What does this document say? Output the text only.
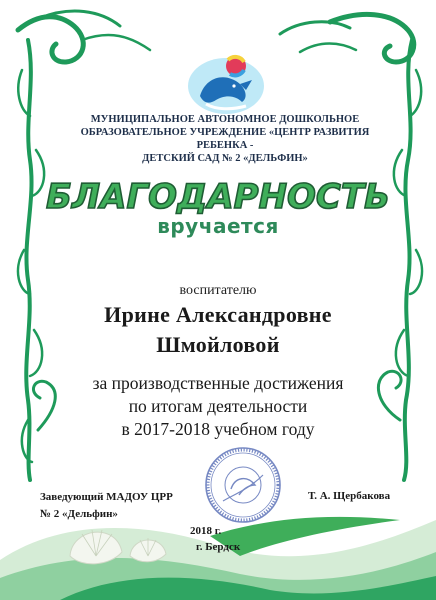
МУНИЦИПАЛЬНОЕ АВТОНОМНОЕ ДОШКОЛЬНОЕ
ОБРАЗОВАТЕЛЬНОЕ УЧРЕЖДЕНИЕ «ЦЕНТР РАЗВИТИЯ РЕБЕНКА -
ДЕТСКИЙ САД № 2 «ДЕЛЬФИН»
БЛАГОДАРНОСТЬ
вручается
воспитателю
Ирине Александровне
Шмойловой
за производственные достижения
по итогам деятельности
в 2017-2018 учебном году
Заведующий МАДОУ ЦРР
№ 2 «Дельфин»
Т. А. Щербакова
2018 г.
г. Бердск
